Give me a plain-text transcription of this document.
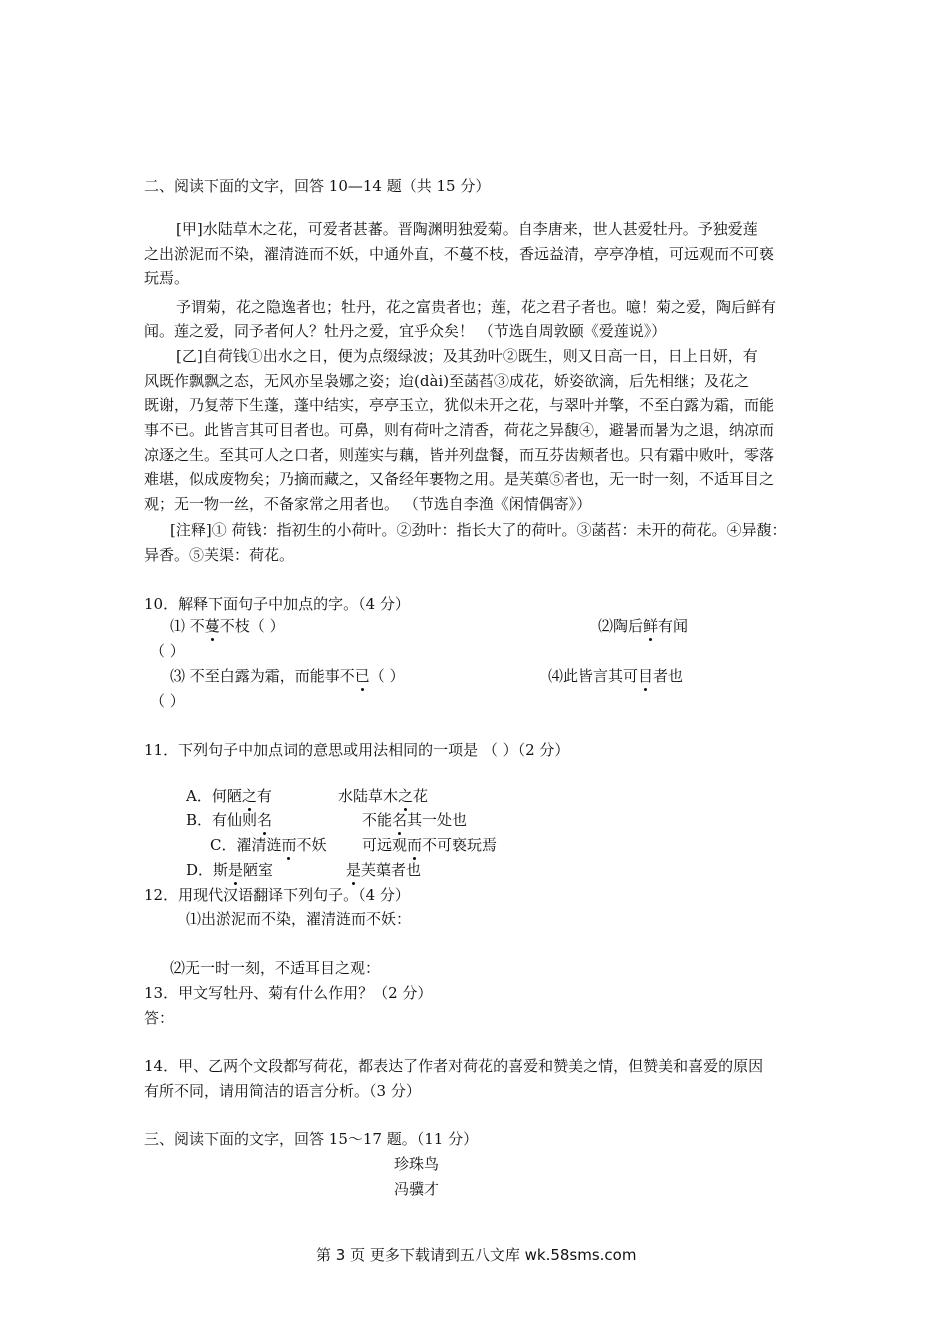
二、阅读下面的文字，回答 10—14 题（共 15 分）
[甲]水陆草木之花，可爱者甚蕃。晋陶渊明独爱菊。自李唐来，世人甚爱牡丹。予独爱莲
之出淤泥而不染，濯清涟而不妖，中通外直，不蔓不枝，香远益清，亭亭净植，可远观而不可亵
玩焉。
予谓菊，花之隐逸者也；牡丹，花之富贵者也；莲，花之君子者也。噫！菊之爱，陶后鲜有
闻。莲之爱，同予者何人？牡丹之爱，宜乎众矣！ （节选自周敦颐《爱莲说》）
[乙]自荷钱①出水之日，便为点缀绿波；及其劲叶②既生，则又日高一日，日上日妍，有
风既作飘飘之态，无风亦呈袅娜之姿；迨(dài)至菡萏③成花，娇姿欲滴，后先相继；及花之
既谢，乃复蒂下生蓬，蓬中结实，亭亭玉立，犹似未开之花，与翠叶并擎，不至白露为霜，而能
事不已。此皆言其可目者也。可鼻，则有荷叶之清香，荷花之异馥④，避暑而暑为之退，纳凉而
凉逐之生。至其可人之口者，则莲实与藕，皆并列盘餐，而互芬齿颊者也。只有霜中败叶，零落
难堪，似成废物矣；乃摘而藏之，又备经年裹物之用。是芙蕖⑤者也，无一时一刻，不适耳目之
观；无一物一丝，不备家常之用者也。 （节选自李渔《闲情偶寄》）
[注释]① 荷钱：指初生的小荷叶。②劲叶：指长大了的荷叶。③菡萏：未开的荷花。④异馥：
异香。⑤芙渠：荷花。
10．解释下面句子中加点的字。（4 分）
⑴ 不蔓不枝（ ）	⑵陶后鲜有闻
（ ）
⑶ 不至白露为霜，而能事不已（ ）	⑷此皆言其可目者也
（ ）
11．下列句子中加点词的意思或用法相同的一项是 （ ）（2 分）
A．何陋之有	水陆草木之花
B．有仙则名	不能名其一处也
C．濯清涟而不妖 可远观而不可亵玩焉
D．斯是陋室	是芙蕖者也
12．用现代汉语翻译下列句子。（4 分）
⑴出淤泥而不染，濯清涟而不妖：
⑵无一时一刻，不适耳目之观：
13．甲文写牡丹、菊有什么作用？（2 分）
答：
14．甲、乙两个文段都写荷花，都表达了作者对荷花的喜爱和赞美之情，但赞美和喜爱的原因
有所不同，请用简洁的语言分析。（3 分）
三、阅读下面的文字，回答 15～17 题。（11 分）
珍珠鸟
冯骥才
第 3 页 更多下载请到五八文库 wk.58sms.com
